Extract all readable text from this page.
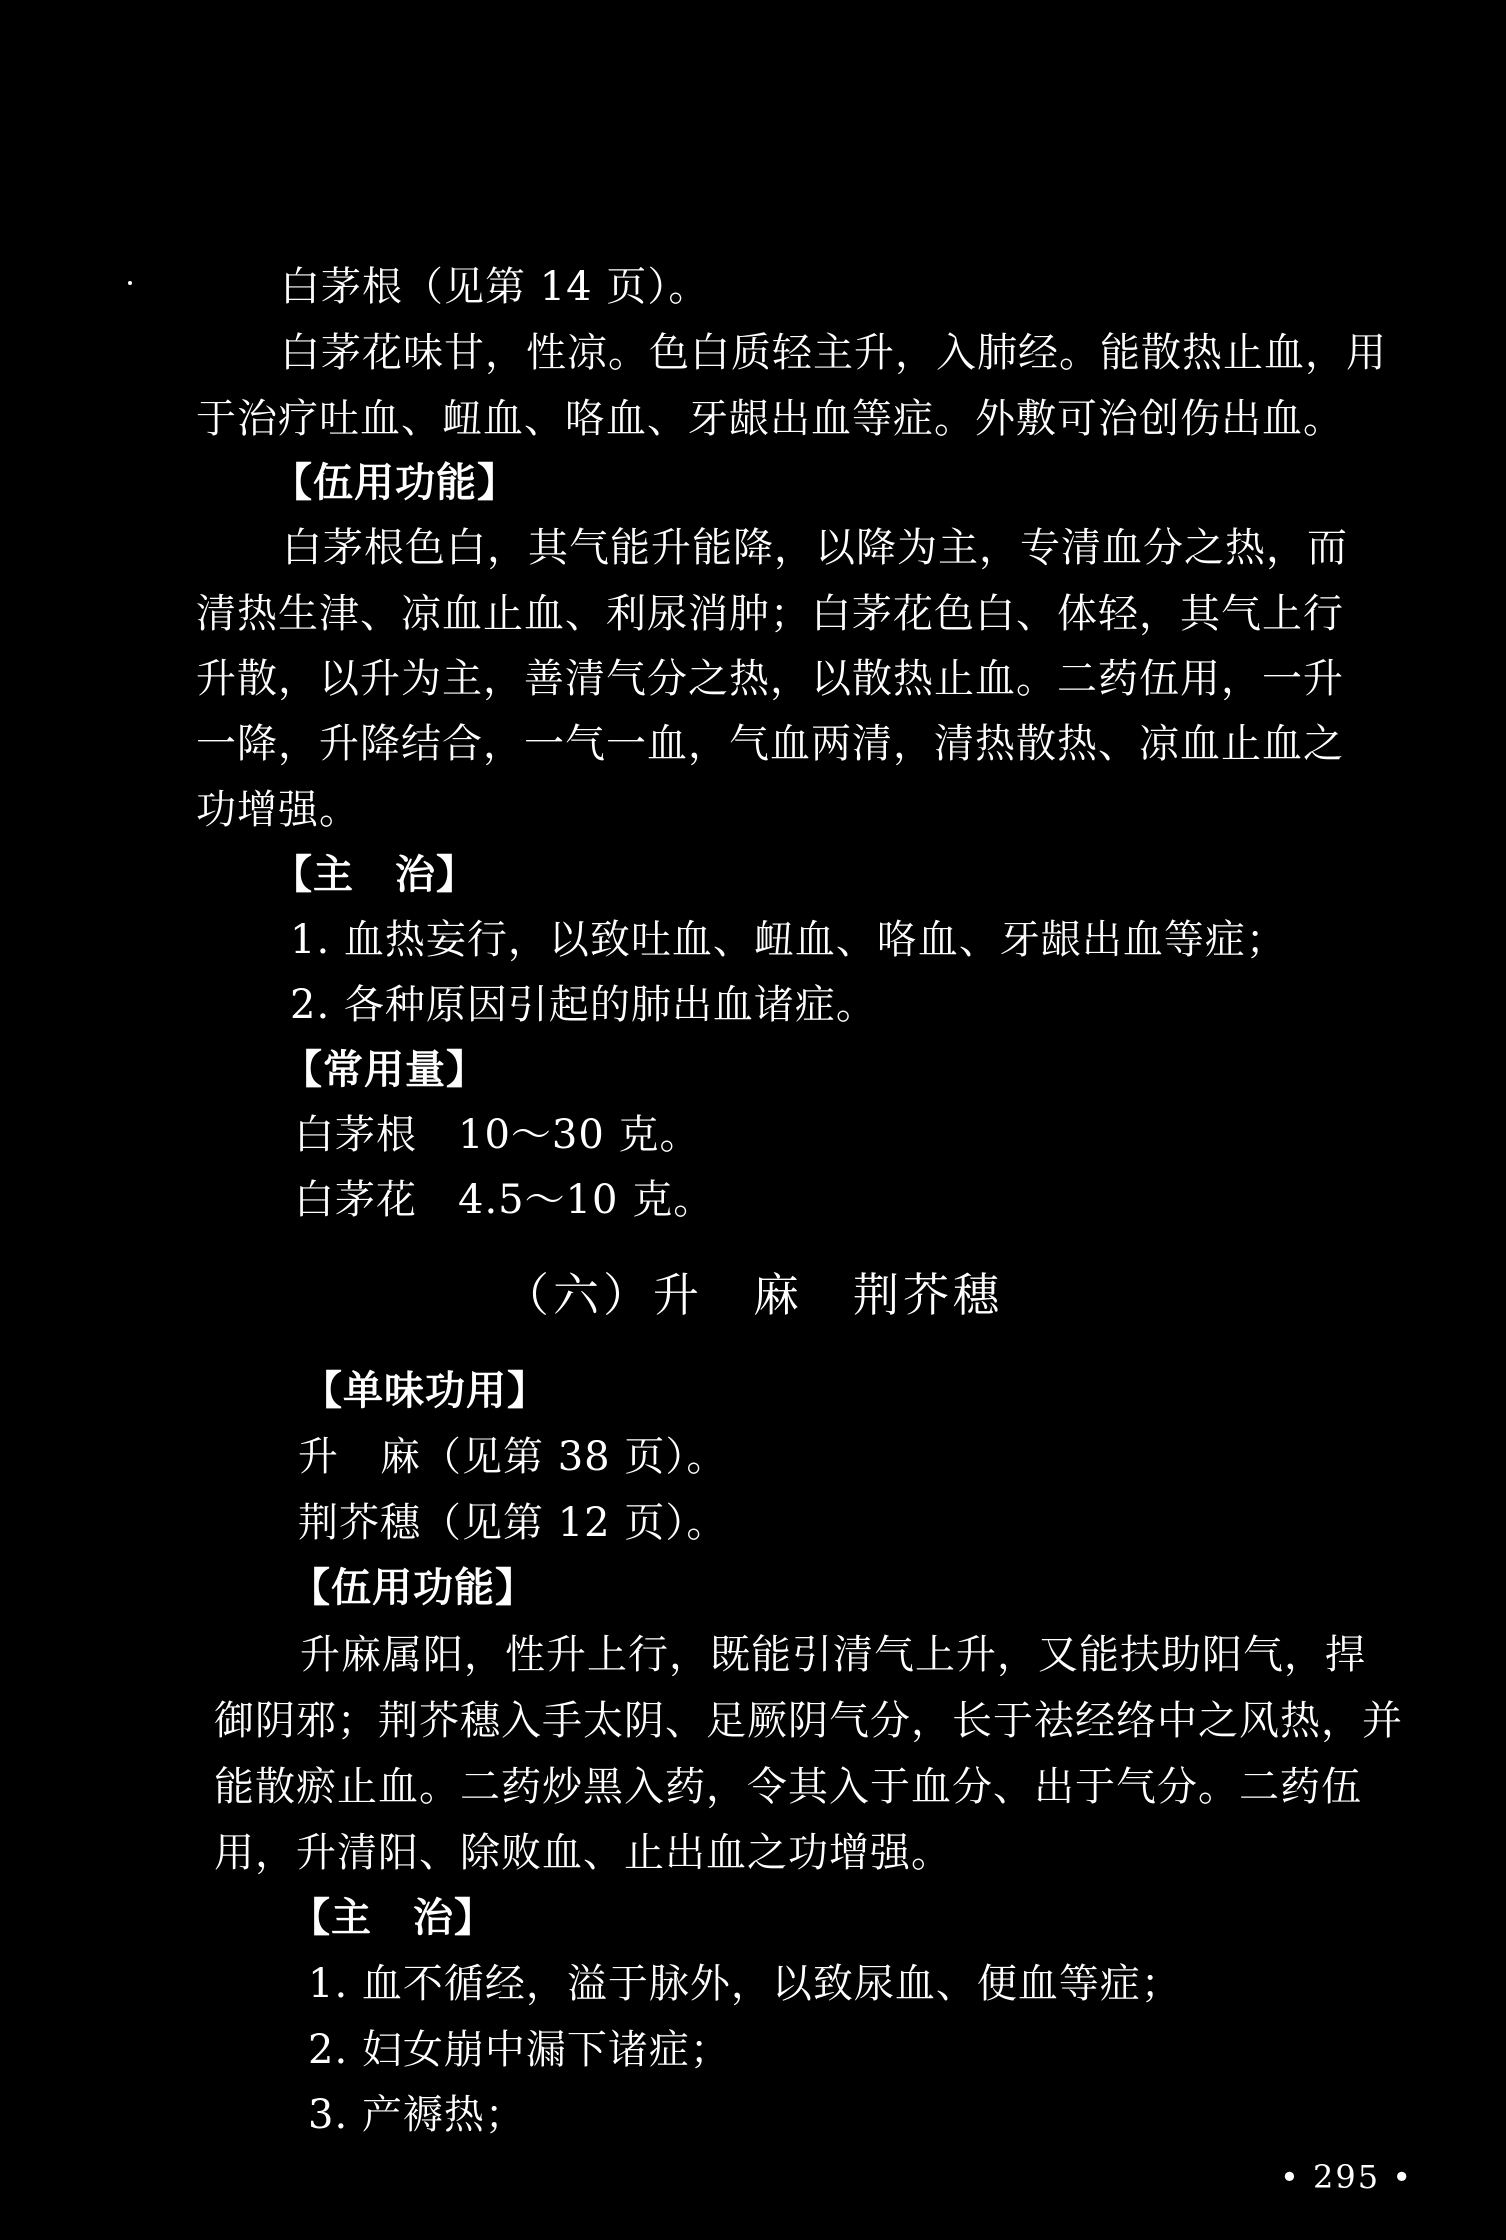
白茅根（见第 14 页）。
白茅花味甘，性凉。色白质轻主升，入肺经。能散热止血，用
于治疗吐血、衄血、咯血、牙龈出血等症。外敷可治创伤出血。
【伍用功能】
白茅根色白，其气能升能降，以降为主，专清血分之热，而
清热生津、凉血止血、利尿消肿；白茅花色白、体轻，其气上行
升散，以升为主，善清气分之热，以散热止血。二药伍用，一升
一降，升降结合，一气一血，气血两清，清热散热、凉血止血之
功增强。
【主　治】
1. 血热妄行，以致吐血、衄血、咯血、牙龈出血等症；
2. 各种原因引起的肺出血诸症。
【常用量】
白茅根　10～30 克。
白茅花　4.5～10 克。
（六）升　麻　荆芥穗
【单味功用】
升　麻（见第 38 页）。
荆芥穗（见第 12 页）。
【伍用功能】
升麻属阳，性升上行，既能引清气上升，又能扶助阳气，捍
御阴邪；荆芥穗入手太阴、足厥阴气分，长于祛经络中之风热，并
能散瘀止血。二药炒黑入药，令其入于血分、出于气分。二药伍
用，升清阳、除败血、止出血之功增强。
【主　治】
1. 血不循经，溢于脉外，以致尿血、便血等症；
2. 妇女崩中漏下诸症；
3. 产褥热；
• 295 •
